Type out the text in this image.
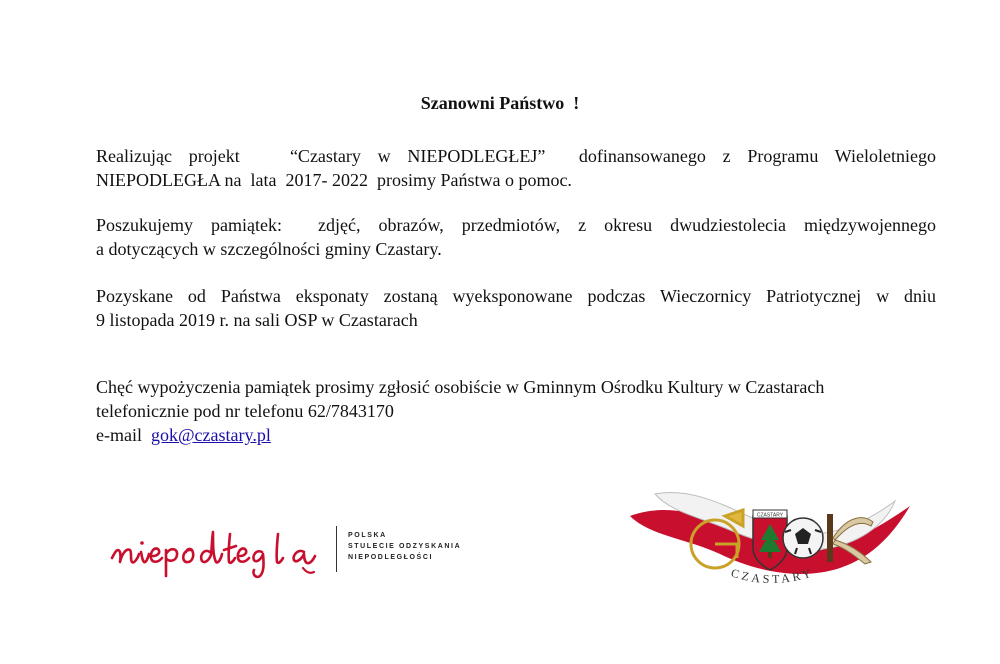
Szanowni Państwo  !
Realizując projekt   “Czastary w NIEPODLEGŁEJ”  dofinansowanego z Programu Wieloletniego
NIEPODLEGŁA na  lata  2017- 2022  prosimy Państwa o pomoc.
Poszukujemy pamiątek:  zdjęć, obrazów, przedmiotów, z okresu dwudziestolecia międzywojennego
a dotyczących w szczególności gminy Czastary.
Pozyskane od Państwa eksponaty zostaną wyeksponowane podczas Wieczornicy Patriotycznej w dniu
9 listopada 2019 r. na sali OSP w Czastarach
Chęć wypożyczenia pamiątek prosimy zgłosić osobiście w Gminnym Ośrodku Kultury w Czastarach
telefonicznie pod nr telefonu 62/7843170
e-mail  gok@czastary.pl
POLSKA
STULECIE ODZYSKANIA
NIEPODLEGŁOŚCI
CZASTARY
CZASTARY
